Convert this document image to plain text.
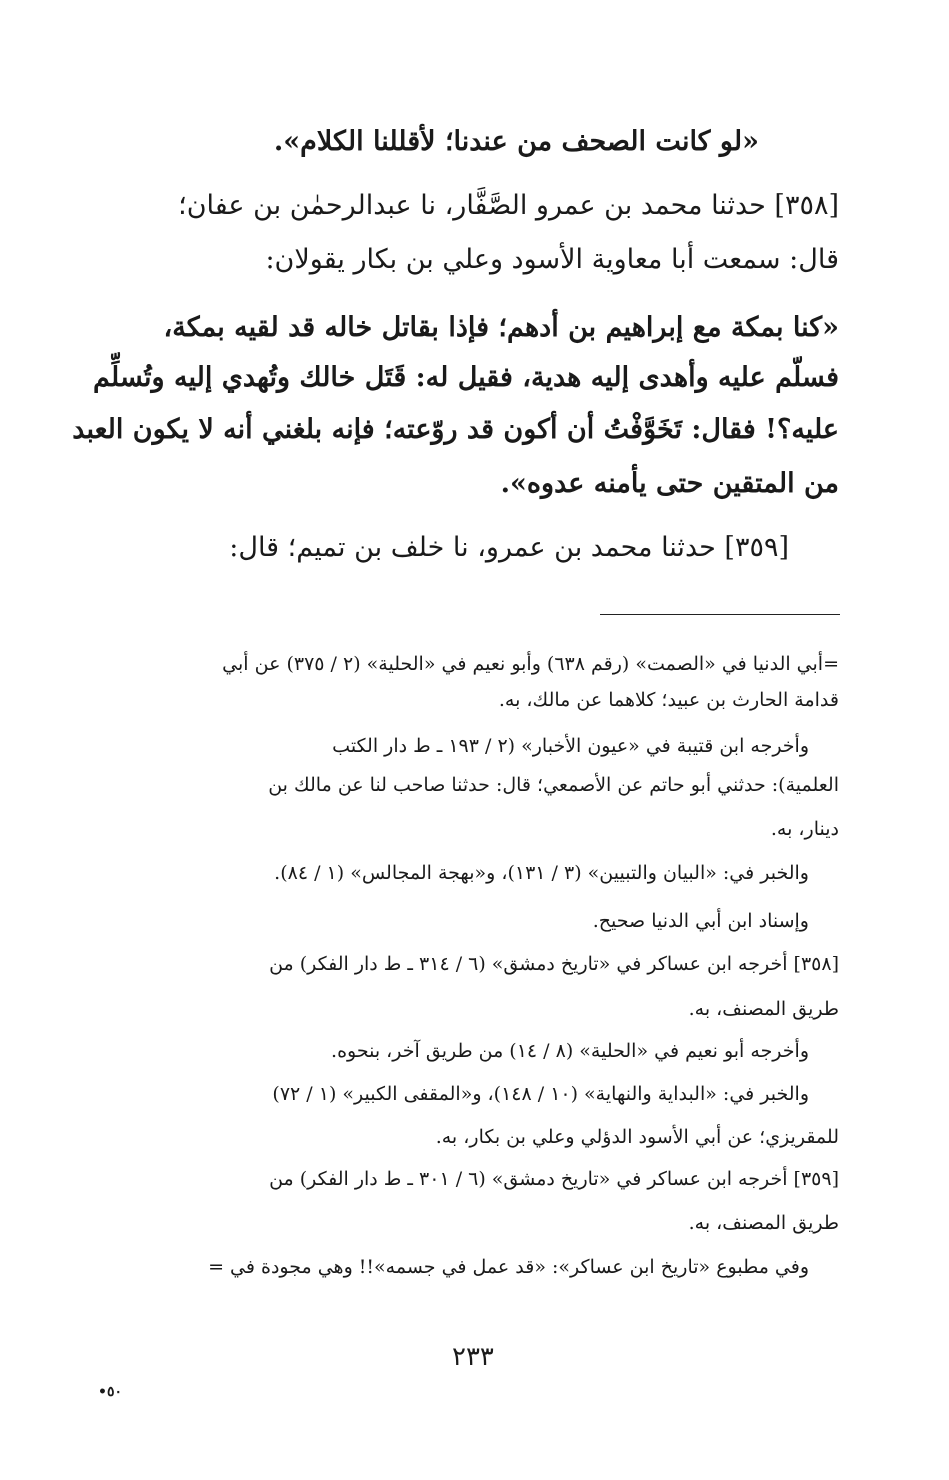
«لو كانت الصحف من عندنا؛ لأقللنا الكلام».
[٣٥٨] حدثنا محمد بن عمرو الصَّفَّار، نا عبدالرحمٰن بن عفان؛
قال: سمعت أبا معاوية الأسود وعلي بن بكار يقولان:
«كنا بمكة مع إبراهيم بن أدهم؛ فإذا بقاتل خاله قد لقيه بمكة،
فسلّم عليه وأهدى إليه هدية، فقيل له: قَتَل خالك وتُهدي إليه وتُسلِّم
عليه؟! فقال: تَخَوَّفْتُ أن أكون قد روّعته؛ فإنه بلغني أنه لا يكون العبد
من المتقين حتى يأمنه عدوه».
[٣٥٩] حدثنا محمد بن عمرو، نا خلف بن تميم؛ قال:
=أبي الدنيا في «الصمت» (رقم ٦٣٨) وأبو نعيم في «الحلية» (٢ / ٣٧٥) عن أبي
قدامة الحارث بن عبيد؛ كلاهما عن مالك، به.
وأخرجه ابن قتيبة في «عيون الأخبار» (٢ / ١٩٣ ـ ط دار الكتب
العلمية): حدثني أبو حاتم عن الأصمعي؛ قال: حدثنا صاحب لنا عن مالك بن
دينار، به.
والخبر في: «البيان والتبيين» (٣ / ١٣١)، و«بهجة المجالس» (١ / ٨٤).
وإسناد ابن أبي الدنيا صحيح.
[٣٥٨] أخرجه ابن عساكر في «تاريخ دمشق» (٦ / ٣١٤ ـ ط دار الفكر) من
طريق المصنف، به.
وأخرجه أبو نعيم في «الحلية» (٨ / ١٤) من طريق آخر، بنحوه.
والخبر في: «البداية والنهاية» (١٠ / ١٤٨)، و«المقفى الكبير» (١ / ٧٢)
للمقريزي؛ عن أبي الأسود الدؤلي وعلي بن بكار، به.
[٣٥٩] أخرجه ابن عساكر في «تاريخ دمشق» (٦ / ٣٠١ ـ ط دار الفكر) من
طريق المصنف، به.
وفي مطبوع «تاريخ ابن عساكر»: «قد عمل في جسمه»!! وهي مجودة في =
٢٣٣
•٥٠
